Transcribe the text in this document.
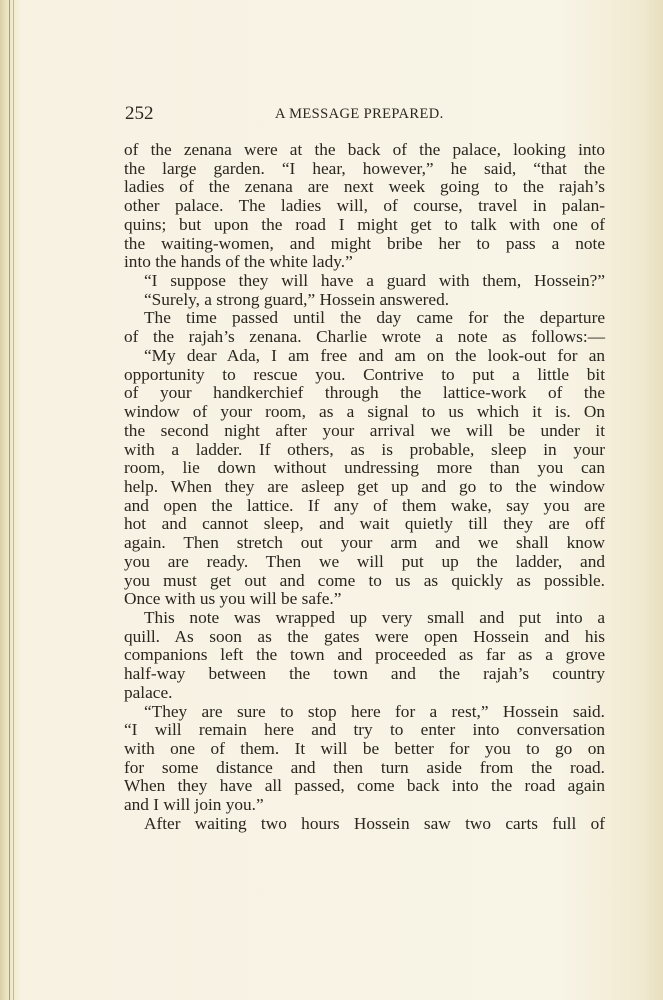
252	A MESSAGE PREPARED.
of the zenana were at the back of the palace, looking into
the large garden. “I hear, however,” he said, “that the
ladies of the zenana are next week going to the rajah’s
other palace. The ladies will, of course, travel in palan-
quins; but upon the road I might get to talk with one of
the waiting-women, and might bribe her to pass a note
into the hands of the white lady.”
“I suppose they will have a guard with them, Hossein?”
“Surely, a strong guard,” Hossein answered.
The time passed until the day came for the departure
of the rajah’s zenana. Charlie wrote a note as follows:—
“My dear Ada, I am free and am on the look-out for an
opportunity to rescue you. Contrive to put a little bit
of your handkerchief through the lattice-work of the
window of your room, as a signal to us which it is. On
the second night after your arrival we will be under it
with a ladder. If others, as is probable, sleep in your
room, lie down without undressing more than you can
help. When they are asleep get up and go to the window
and open the lattice. If any of them wake, say you are
hot and cannot sleep, and wait quietly till they are off
again. Then stretch out your arm and we shall know
you are ready. Then we will put up the ladder, and
you must get out and come to us as quickly as possible.
Once with us you will be safe.”
This note was wrapped up very small and put into a
quill. As soon as the gates were open Hossein and his
companions left the town and proceeded as far as a grove
half-way between the town and the rajah’s country
palace.
“They are sure to stop here for a rest,” Hossein said.
“I will remain here and try to enter into conversation
with one of them. It will be better for you to go on
for some distance and then turn aside from the road.
When they have all passed, come back into the road again
and I will join you.”
After waiting two hours Hossein saw two carts full of
